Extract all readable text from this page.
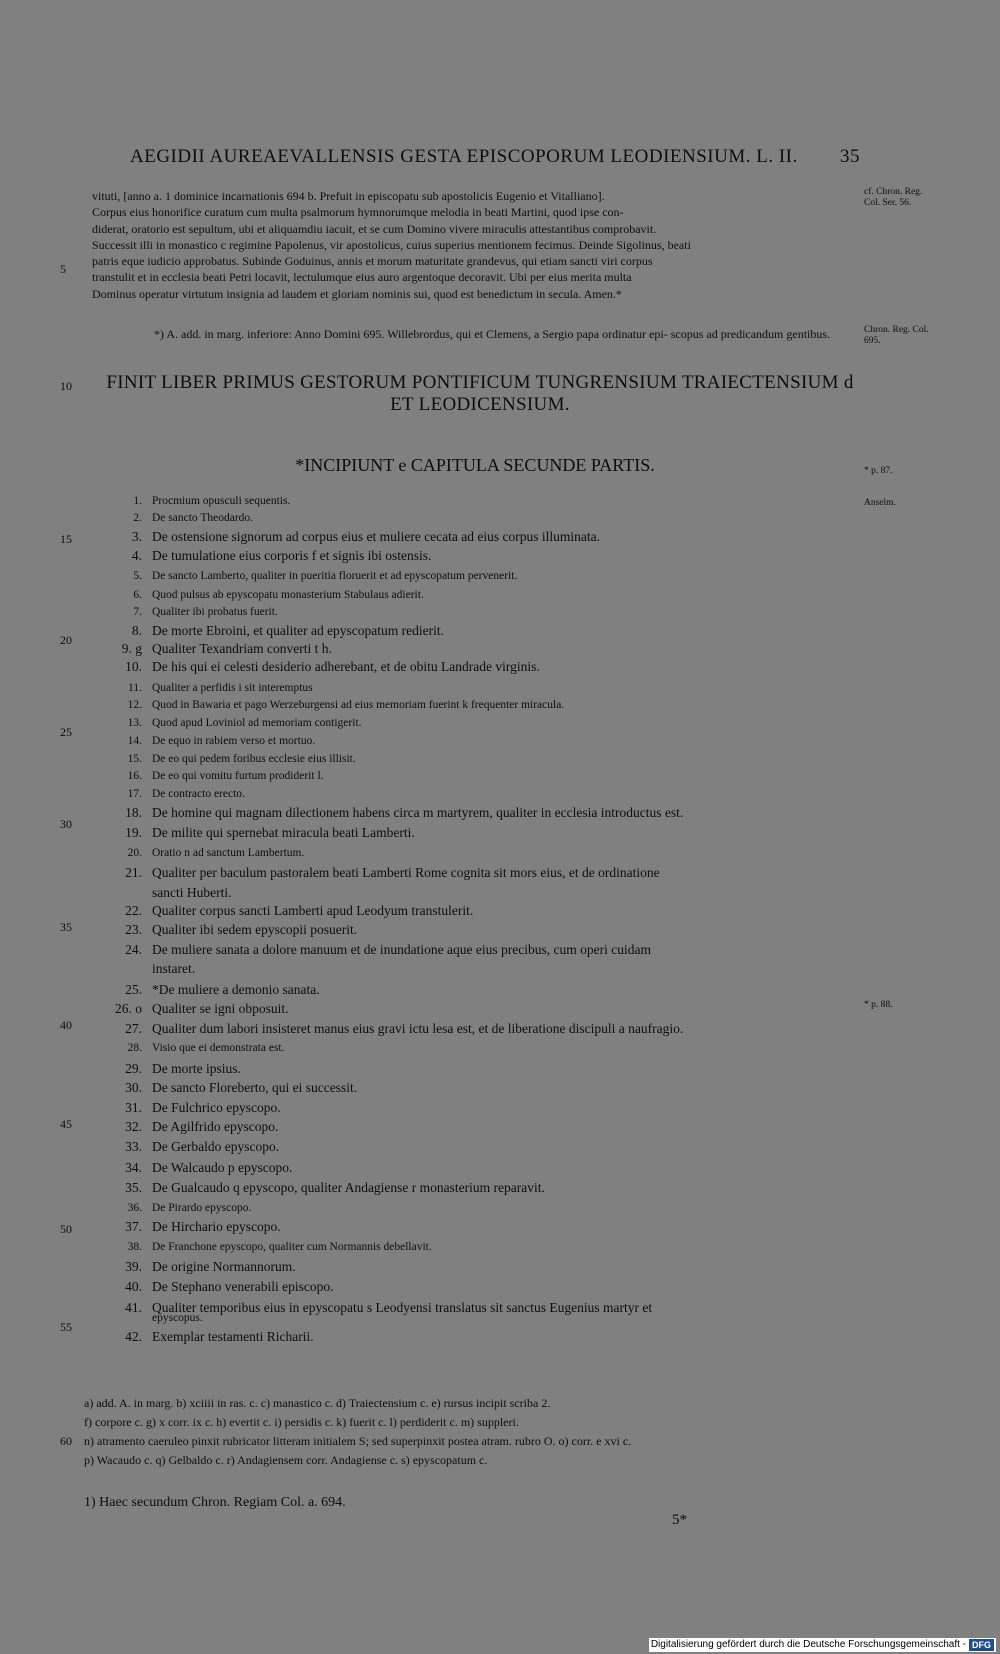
AEGIDII AUREAEVALLENSIS GESTA EPISCOPORUM LEODIENSIUM. L. II. 35

vituti, [anno a. 1 dominice incarnationis 694 b. Prefuit in episcopatu sub apostolicis Eugenio et Vitalliano].

Corpus eius honorifice curatum cum multa psalmorum hymnorumque melodia in beati Martini, quod ipse con-

diderat, oratorio est sepultum, ubi et aliquamdiu iacuit, et se cum Domino vivere miraculis attestantibus comprobavit.

Successit illi in monastico c regimine Papolenus, vir apostolicus, cuius superius mentionem fecimus. Deinde Sigolinus, beati

patris eque iudicio approbatus. Subinde Goduinus, annis et morum maturitate grandevus, qui etiam sancti viri corpus

transtulit et in ecclesia beati Petri locavit, lectulumque eius auro argentoque decoravit. Ubi per eius merita multa

Dominus operatur virtutum insignia ad laudem et gloriam nominis sui, quod est benedictum in secula. Amen.*

*) A. add. in marg. inferiore: Anno Domini 695. Willebrordus, qui et Clemens, a Sergio papa ordinatur epi- scopus ad predicandum gentibus.
cf. Chron. Reg. Col. Ser. 56.
Chron. Reg. Col. 695.
* p. 87.
Anselm.
* p. 88.
5
10
15
20
25
30
35
40
45
50
55
60
FINIT LIBER PRIMUS GESTORUM PONTIFICUM TUNGRENSIUM TRAIECTENSIUM d ET LEODICENSIUM.
*INCIPIUNT e CAPITULA SECUNDE PARTIS.
1. Procmium opusculi sequentis.
2. De sancto Theodardo.
3. De ostensione signorum ad corpus eius et muliere cecata ad eius corpus illuminata.
4. De tumulatione eius corporis f et signis ibi ostensis.
5. De sancto Lamberto, qualiter in pueritia floruerit et ad epyscopatum pervenerit.
6. Quod pulsus ab epyscopatu monasterium Stabulaus adierit.
7. Qualiter ibi probatus fuerit.
8. De morte Ebroini, et qualiter ad epyscopatum redierit.
9. g Qualiter Texandriam converti t h.
10. De his qui ei celesti desiderio adherebant, et de obitu Landrade virginis.
11. Qualiter a perfidis i sit interemptus
12. Quod in Bawaria et pago Werzeburgensi ad eius memoriam fuerint k frequenter miracula.
13. Quod apud Loviniol ad memoriam contigerit.
14. De equo in rabiem verso et mortuo.
15. De eo qui pedem foribus ecclesie eius illisit.
16. De eo qui vomitu furtum prodiderit l.
17. De contracto erecto.
18. De homine qui magnam dilectionem habens circa m martyrem, qualiter in ecclesia introductus est.
19. De milite qui spernebat miracula beati Lamberti.
20. Oratio n ad sanctum Lambertum.
21. Qualiter per baculum pastoralem beati Lamberti Rome cognita sit mors eius, et de ordinatione
sancti Huberti.
22. Qualiter corpus sancti Lamberti apud Leodyum transtulerit.
23. Qualiter ibi sedem epyscopii posuerit.
24. De muliere sanata a dolore manuum et de inundatione aque eius precibus, cum operi cuidam
instaret.
25. *De muliere a demonio sanata.
26. o Qualiter se igni obposuit.
27. Qualiter dum labori insisteret manus eius gravi ictu lesa est, et de liberatione discipuli a naufragio.
28. Visio que ei demonstrata est.
29. De morte ipsius.
30. De sancto Floreberto, qui ei successit.
31. De Fulchrico epyscopo.
32. De Agilfrido epyscopo.
33. De Gerbaldo epyscopo.
34. De Walcaudo p epyscopo.
35. De Gualcaudo q epyscopo, qualiter Andagiense r monasterium reparavit.
36. De Pirardo epyscopo.
37. De Hirchario epyscopo.
38. De Franchone epyscopo, qualiter cum Normannis debellavit.
39. De origine Normannorum.
40. De Stephano venerabili episcopo.
41. Qualiter temporibus eius in epyscopatu s Leodyensi translatus sit sanctus Eugenius martyr et
epyscopus.
42. Exemplar testamenti Richarii.
a) add. A. in marg. b) xciiii in ras. c. c) manastico c. d) Traiectensium c. e) rursus incipit scriba 2.
f) corpore c. g) x corr. ix c. h) evertit c. i) persidis c. k) fuerit c. l) perdiderit c. m) suppleri.
n) atramento caeruleo pinxit rubricator litteram initialem S; sed superpinxit postea atram. rubro O. o) corr. e xvi c.
p) Wacaudo c. q) Gelbaldo c. r) Andagiensem corr. Andagiense c. s) epyscopatum c.
1) Haec secundum Chron. Regiam Col. a. 694.
5*
Digitalisierung gefördert durch die Deutsche Forschungsgemeinschaft - DFG
